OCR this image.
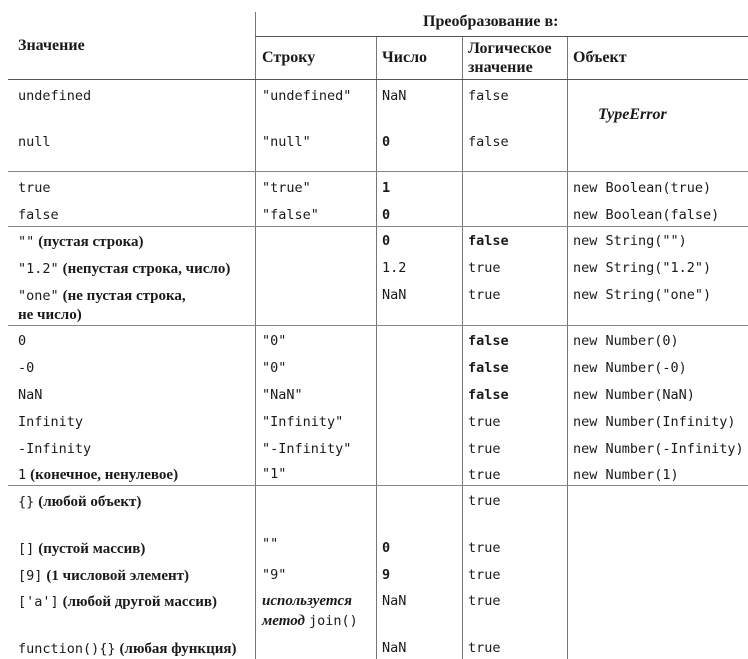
Преобразование в:
Значение
Строку	Число
Логическое
значение
Объект
TypeError
undefined
null
true
false
"" (пустая строка)
"1.2" (непустая строка, число)
"one" (не пустая строка,
не число)
0
-0
NaN
Infinity
-Infinity
1 (конечное, ненулевое)
{} (любой объект)
[] (пустой массив)
[9] (1 числовой элемент)
['a'] (любой другой массив)
function(){} (любая функция)
"undefined"
"null"
"true"
"false"
"0"
"0"
"NaN"
"Infinity"
"-Infinity"
"1"
""
"9"
используется
метод join()
NaN
0
1
0
0
1.2
NaN
0
9
NaN
NaN
false
false
false
true
true
false
false
false
true
true
true
true
true
true
true
true
new Boolean(true)
new Boolean(false)
new String("")
new String("1.2")
new String("one")
new Number(0)
new Number(-0)
new Number(NaN)
new Number(Infinity)
new Number(-Infinity)
new Number(1)
